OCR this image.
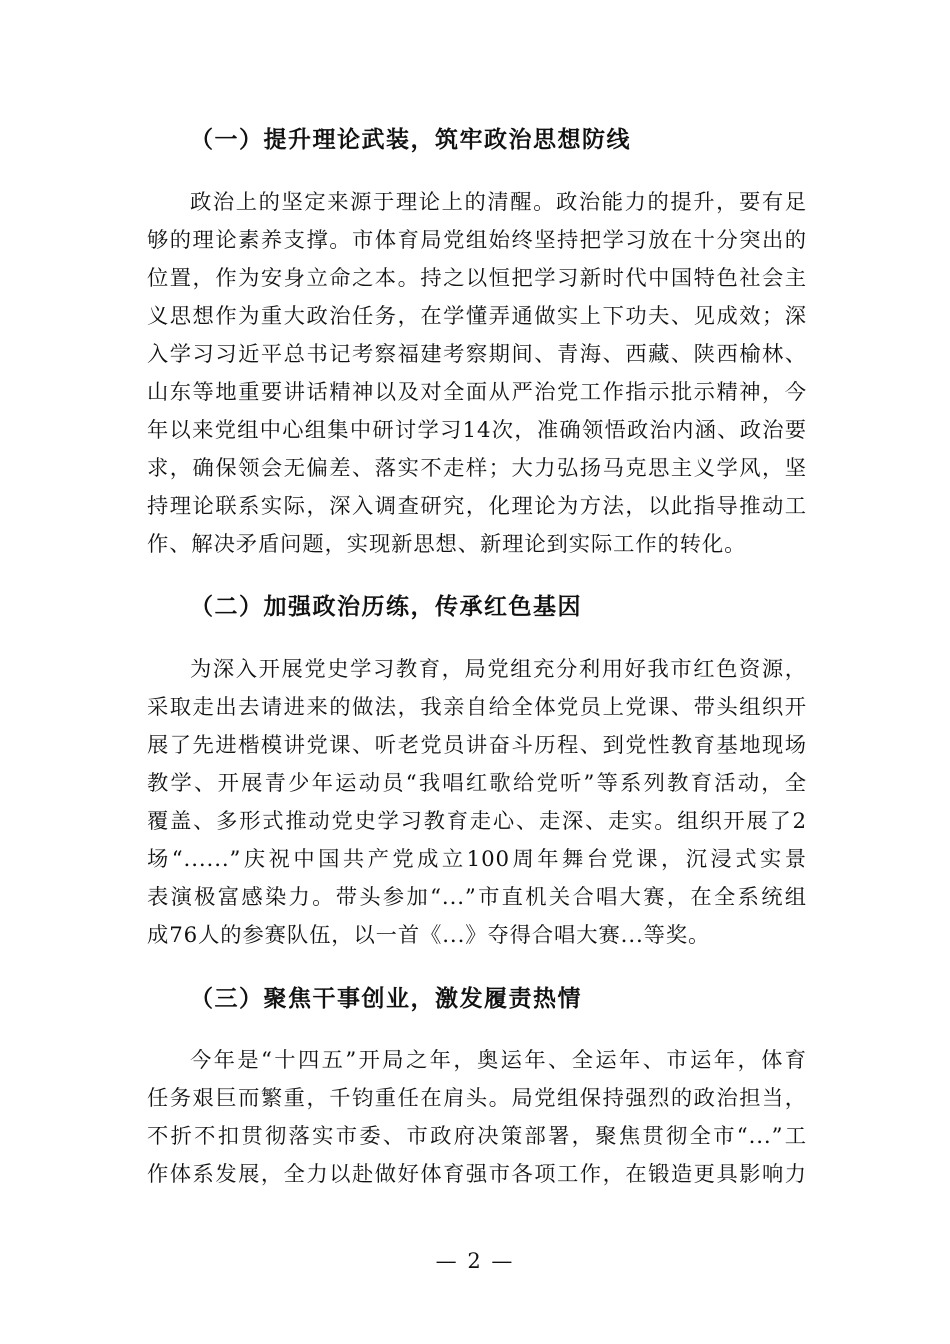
（一）提升理论武装，筑牢政治思想防线
政治上的坚定来源于理论上的清醒。政治能力的提升，要有足
够的理论素养支撑。市体育局党组始终坚持把学习放在十分突出的
位置，作为安身立命之本。持之以恒把学习新时代中国特色社会主
义思想作为重大政治任务，在学懂弄通做实上下功夫、见成效；深
入学习习近平总书记考察福建考察期间、青海、西藏、陕西榆林、
山东等地重要讲话精神以及对全面从严治党工作指示批示精神，今
年以来党组中心组集中研讨学习14次，准确领悟政治内涵、政治要
求，确保领会无偏差、落实不走样；大力弘扬马克思主义学风，坚
持理论联系实际，深入调查研究，化理论为方法，以此指导推动工
作、解决矛盾问题，实现新思想、新理论到实际工作的转化。
（二）加强政治历练，传承红色基因
为深入开展党史学习教育，局党组充分利用好我市红色资源，
采取走出去请进来的做法，我亲自给全体党员上党课、带头组织开
展了先进楷模讲党课、听老党员讲奋斗历程、到党性教育基地现场
教学、开展青少年运动员“我唱红歌给党听”等系列教育活动，全
覆盖、多形式推动党史学习教育走心、走深、走实。组织开展了2
场“......”庆祝中国共产党成立100周年舞台党课，沉浸式实景
表演极富感染力。带头参加“...”市直机关合唱大赛，在全系统组
成76人的参赛队伍，以一首《...》夺得合唱大赛...等奖。
（三）聚焦干事创业，激发履责热情
今年是“十四五”开局之年，奥运年、全运年、市运年，体育
任务艰巨而繁重，千钧重任在肩头。局党组保持强烈的政治担当，
不折不扣贯彻落实市委、市政府决策部署，聚焦贯彻全市“...”工
作体系发展，全力以赴做好体育强市各项工作，在锻造更具影响力

— 2 —
